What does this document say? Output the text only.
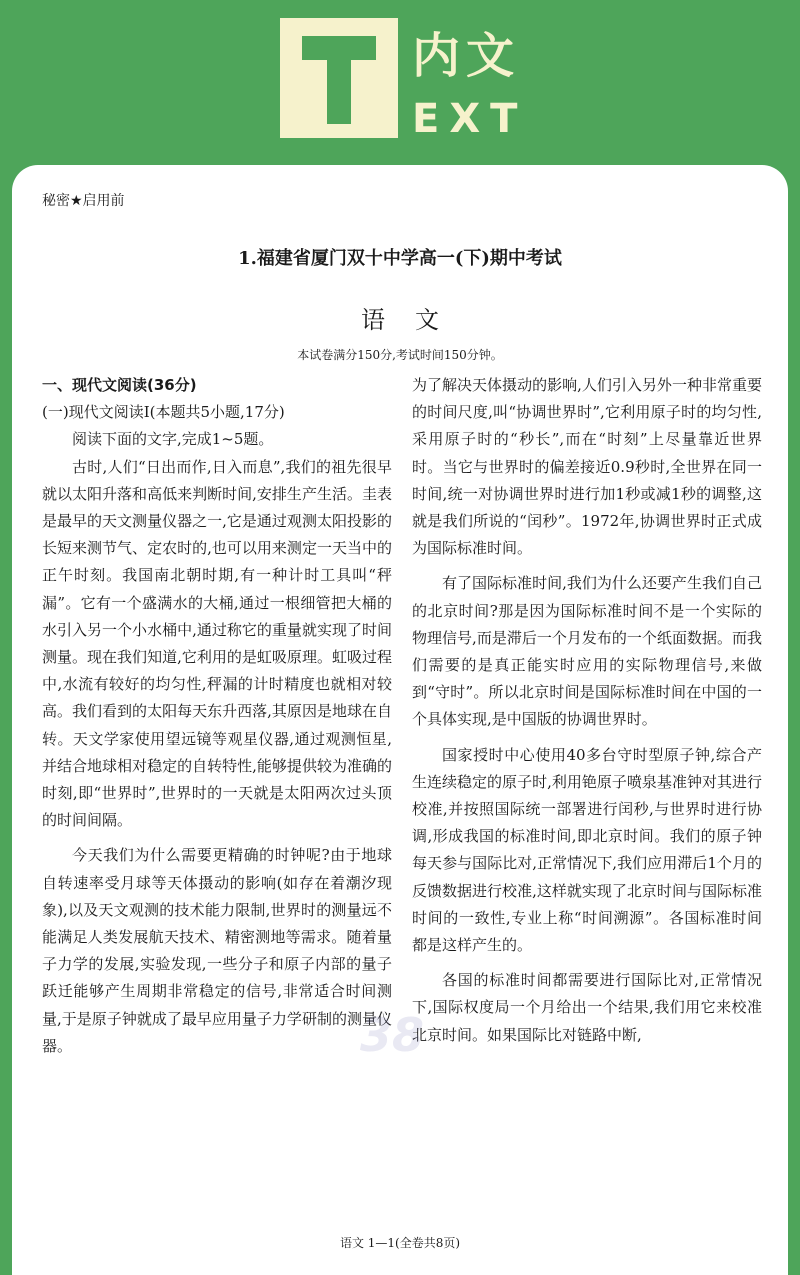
内文
EXT
秘密★启用前
1.福建省厦门双十中学高一(下)期中考试
语文
本试卷满分150分,考试时间150分钟。

一、现代文阅读(36分)

(一)现代文阅读Ⅰ(本题共5小题,17分)

阅读下面的文字,完成1~5题。

古时,人们“日出而作,日入而息”,我们的祖先很早就以太阳升落和高低来判断时间,安排生产生活。圭表是最早的天文测量仪器之一,它是通过观测太阳投影的长短来测节气、定农时的,也可以用来测定一天当中的正午时刻。我国南北朝时期,有一种计时工具叫“秤漏”。它有一个盛满水的大桶,通过一根细管把大桶的水引入另一个小水桶中,通过称它的重量就实现了时间测量。现在我们知道,它利用的是虹吸原理。虹吸过程中,水流有较好的均匀性,秤漏的计时精度也就相对较高。我们看到的太阳每天东升西落,其原因是地球在自转。天文学家使用望远镜等观星仪器,通过观测恒星,并结合地球相对稳定的自转特性,能够提供较为准确的时刻,即“世界时”,世界时的一天就是太阳两次过头顶的时间间隔。

今天我们为什么需要更精确的时钟呢?由于地球自转速率受月球等天体摄动的影响(如存在着潮汐现象),以及天文观测的技术能力限制,世界时的测量远不能满足人类发展航天技术、精密测地等需求。随着量子力学的发展,实验发现,一些分子和原子内部的量子跃迁能够产生周期非常稳定的信号,非常适合时间测量,于是原子钟就成了最早应用量子力学研制的测量仪器。

为了解决天体摄动的影响,人们引入另外一种非常重要的时间尺度,叫“协调世界时”,它利用原子时的均匀性,采用原子时的“秒长”,而在“时刻”上尽量靠近世界时。当它与世界时的偏差接近0.9秒时,全世界在同一时间,统一对协调世界时进行加1秒或减1秒的调整,这就是我们所说的“闰秒”。1972年,协调世界时正式成为国际标准时间。

有了国际标准时间,我们为什么还要产生我们自己的北京时间?那是因为国际标准时间不是一个实际的物理信号,而是滞后一个月发布的一个纸面数据。而我们需要的是真正能实时应用的实际物理信号,来做到“守时”。所以北京时间是国际标准时间在中国的一个具体实现,是中国版的协调世界时。

国家授时中心使用40多台守时型原子钟,综合产生连续稳定的原子时,利用铯原子喷泉基准钟对其进行校准,并按照国际统一部署进行闰秒,与世界时进行协调,形成我国的标准时间,即北京时间。我们的原子钟每天参与国际比对,正常情况下,我们应用滞后1个月的反馈数据进行校准,这样就实现了北京时间与国际标准时间的一致性,专业上称“时间溯源”。各国标准时间都是这样产生的。

各国的标准时间都需要进行国际比对,正常情况下,国际权度局一个月给出一个结果,我们用它来校准北京时间。如果国际比对链路中断,

38
语文 1—1(全卷共8页)
